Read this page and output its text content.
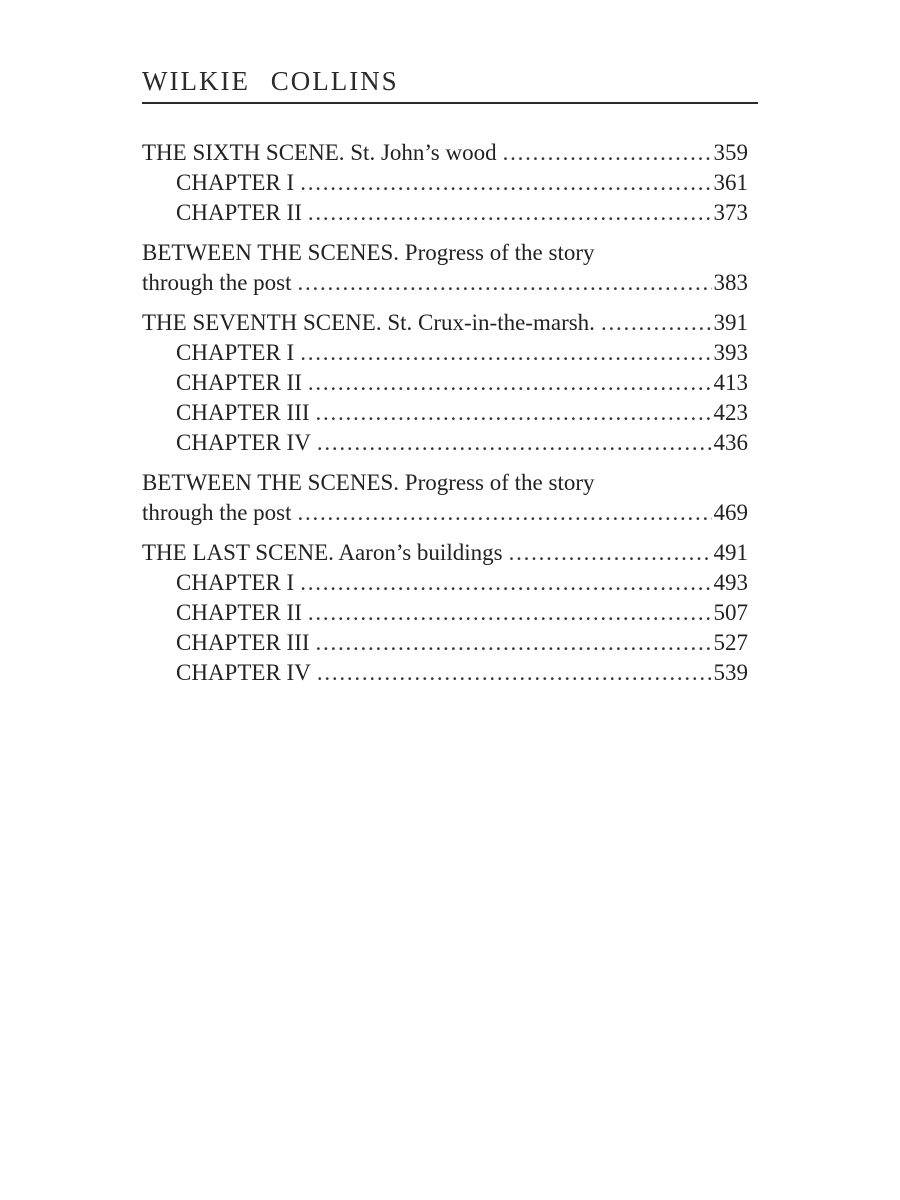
WILKIE COLLINS
THE SIXTH SCENE. St. John’s wood . . .	359
CHAPTER I . . .	361
CHAPTER II . . .	373
BETWEEN THE SCENES. Progress of the story
through the post . . .	383
THE SEVENTH SCENE. St. Crux-in-the-marsh. . . .	391
CHAPTER I . . .	393
CHAPTER II . . .	413
CHAPTER III . . .	423
CHAPTER IV . . .	436
BETWEEN THE SCENES. Progress of the story
through the post . . .	469
THE LAST SCENE. Aaron’s buildings . . .	491
CHAPTER I . . .	493
CHAPTER II . . .	507
CHAPTER III . . .	527
CHAPTER IV . . .	539
